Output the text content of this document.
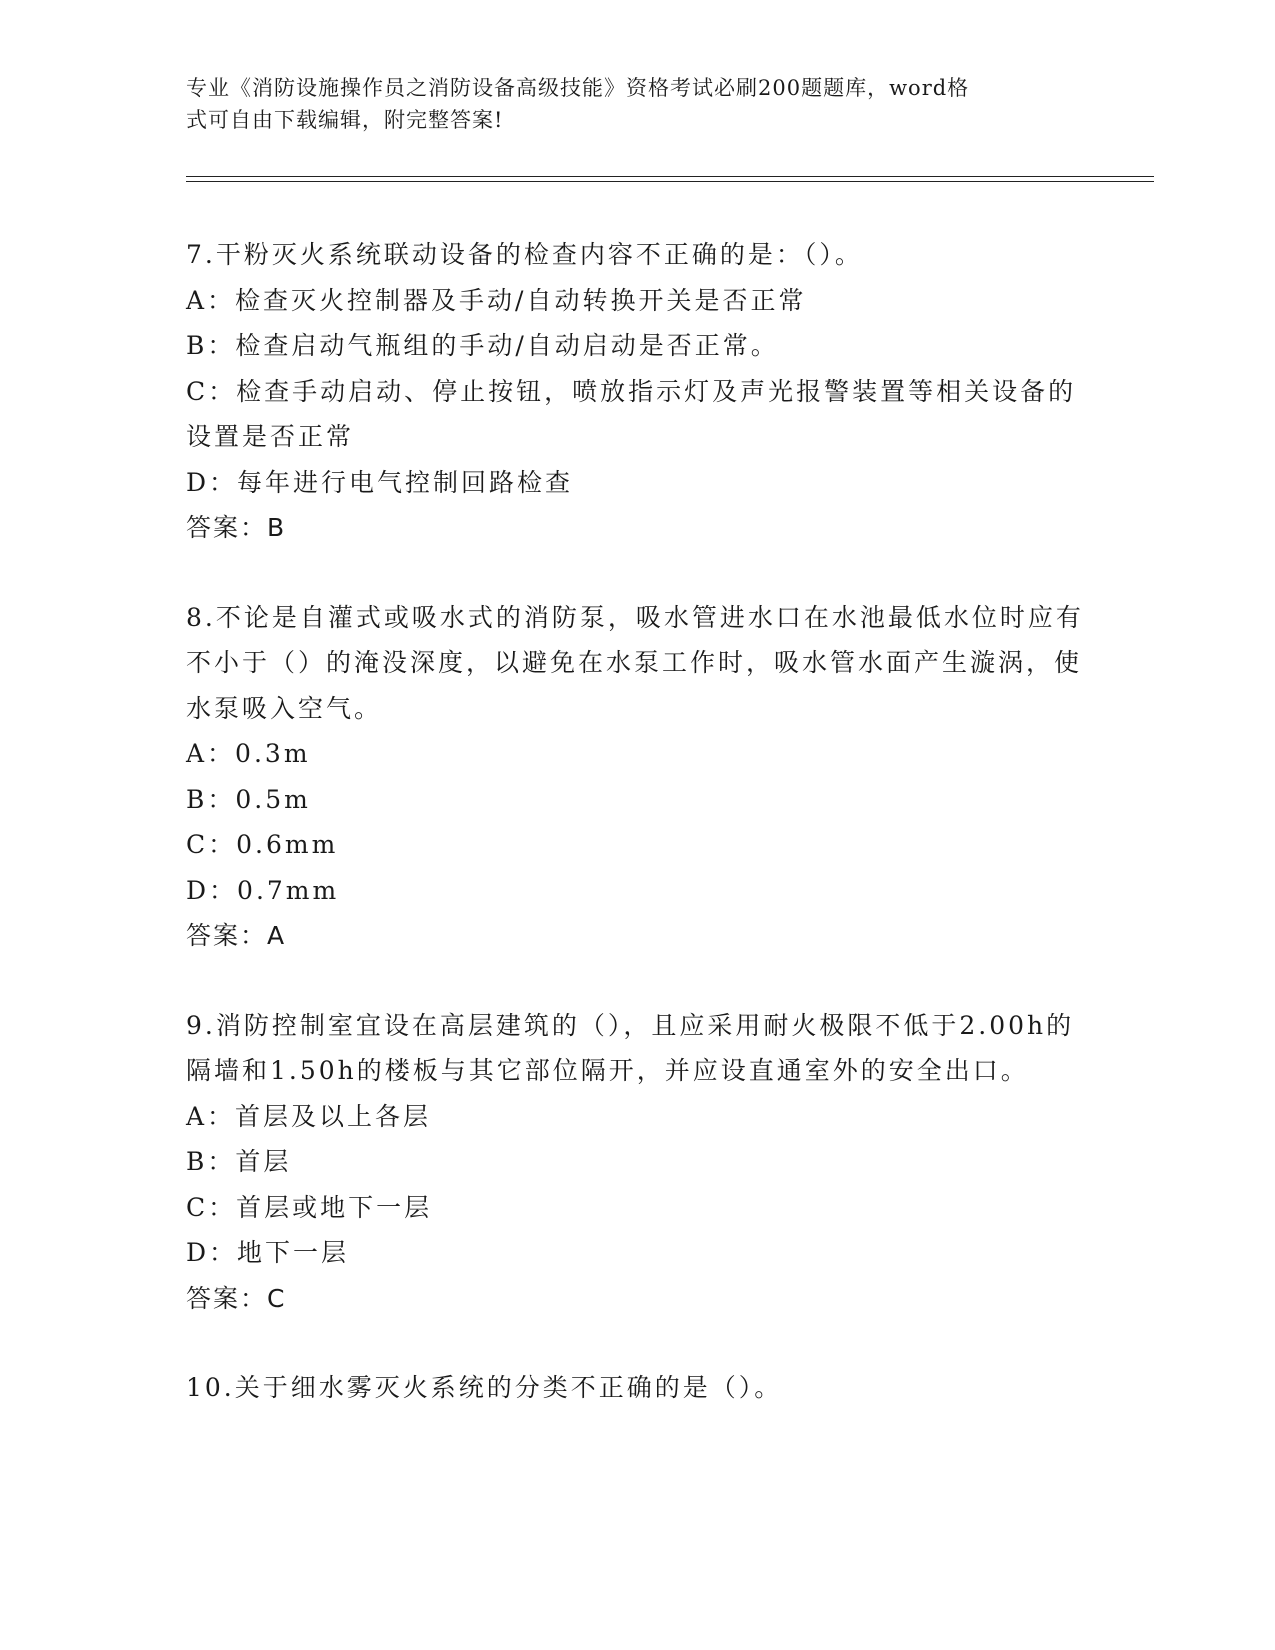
专业《消防设施操作员之消防设备高级技能》资格考试必刷200题题库，word格
式可自由下载编辑，附完整答案!

7.干粉灭火系统联动设备的检查内容不正确的是：（）。

A：检查灭火控制器及手动/自动转换开关是否正常

B：检查启动气瓶组的手动/自动启动是否正常。

C：检查手动启动、停止按钮，喷放指示灯及声光报警装置等相关设备的设置是否正常

D：每年进行电气控制回路检查

答案：B

8.不论是自灌式或吸水式的消防泵，吸水管进水口在水池最低水位时应有不小于（）的淹没深度，以避免在水泵工作时，吸水管水面产生漩涡，使水泵吸入空气。

A：0.3m

B：0.5m

C：0.6mm

D：0.7mm

答案：A

9.消防控制室宜设在高层建筑的（），且应采用耐火极限不低于2.00h的隔墙和1.50h的楼板与其它部位隔开，并应设直通室外的安全出口。

A：首层及以上各层

B：首层

C：首层或地下一层

D：地下一层

答案：C

10.关于细水雾灭火系统的分类不正确的是（）。
